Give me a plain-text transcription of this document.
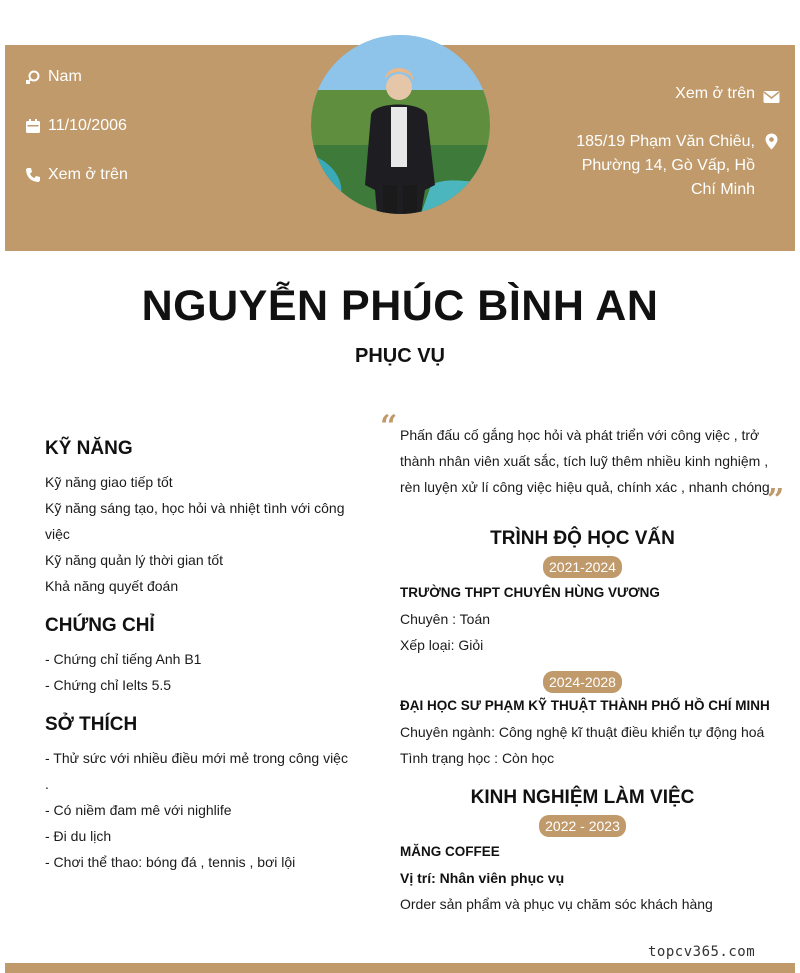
Nam
11/10/2006
Xem ở trên
Xem ở trên
185/19 Phạm Văn Chiêu, Phường 14, Gò Vấp, Hồ Chí Minh
NGUYỄN PHÚC BÌNH AN
PHỤC VỤ
KỸ NĂNG
Kỹ năng giao tiếp tốt
Kỹ năng sáng tạo, học hỏi và nhiệt tình với công việc
Kỹ năng quản lý thời gian tốt
Khả năng quyết đoán
CHỨNG CHỈ
- Chứng chỉ tiếng Anh B1
- Chứng chỉ Ielts 5.5
SỞ THÍCH
- Thử sức với nhiều điều mới mẻ trong công việc .
- Có niềm đam mê với nighlife
- Đi du lịch
- Chơi thể thao: bóng đá , tennis , bơi lội
“
”
Phấn đấu cố gắng học hỏi và phát triển với công việc , trở thành nhân viên xuất sắc, tích luỹ thêm nhiều kinh nghiệm , rèn luyện xử lí công việc hiệu quả, chính xác , nhanh chóng
TRÌNH ĐỘ HỌC VẤN
2021-2024
TRƯỜNG THPT CHUYÊN HÙNG VƯƠNG
Chuyên : Toán
Xếp loại: Giỏi
2024-2028
ĐẠI HỌC SƯ PHẠM KỸ THUẬT THÀNH PHỐ HỒ CHÍ MINH
Chuyên ngành: Công nghệ kĩ thuật điều khiển tự động hoá
Tình trạng học : Còn học
KINH NGHIỆM LÀM VIỆC
2022 - 2023
MĂNG COFFEE
Vị trí: Nhân viên phục vụ
Order sản phẩm và phục vụ chăm sóc khách hàng
topcv365.com
